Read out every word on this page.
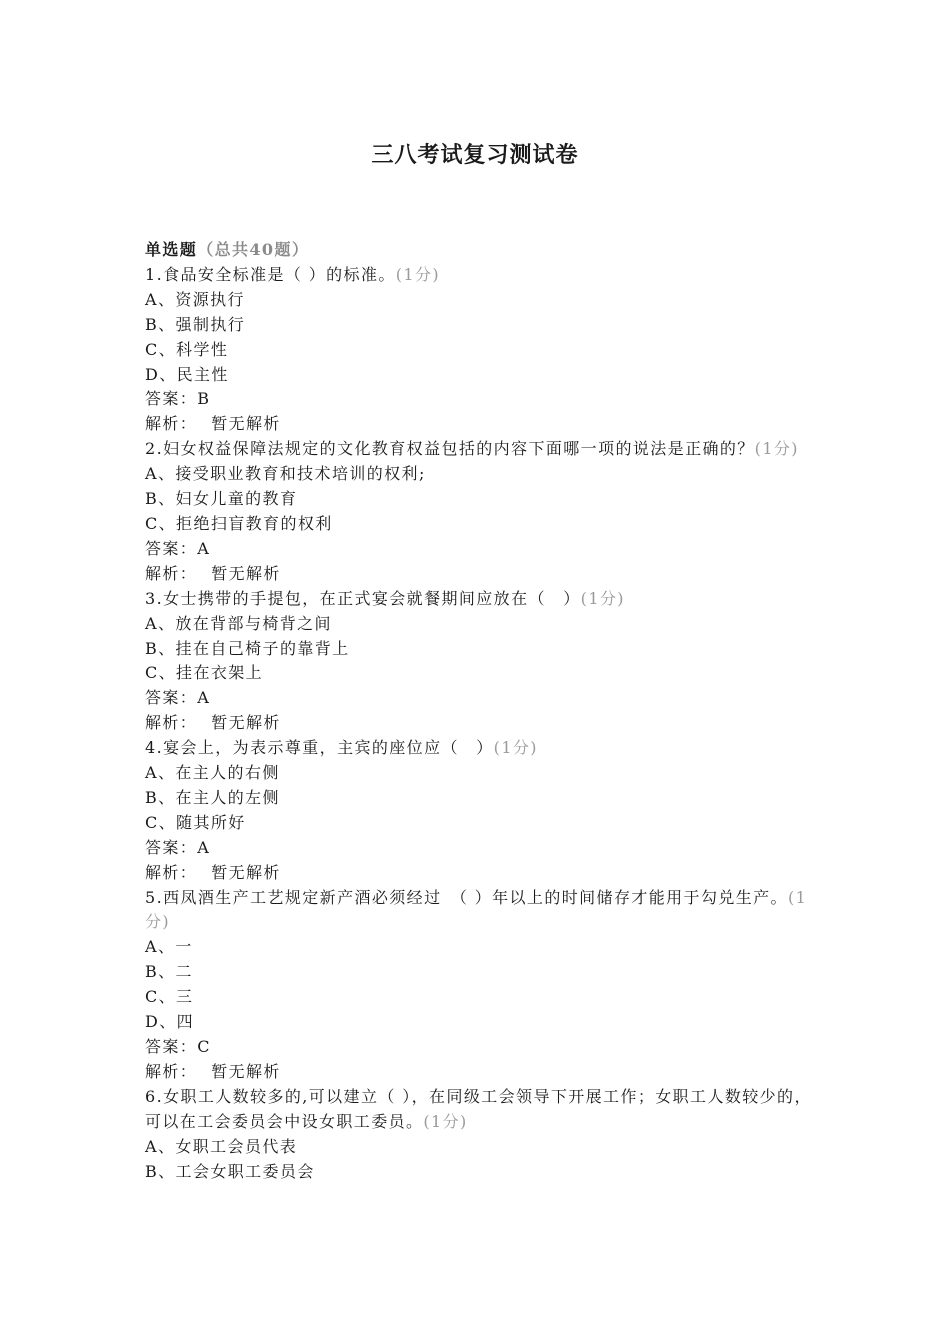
三八考试复习测试卷
单选题（总共40题）
1.食品安全标准是（ ）的标准。(1分)
A、资源执行
B、强制执行
C、科学性
D、民主性
答案：B
解析： 暂无解析
2.妇女权益保障法规定的文化教育权益包括的内容下面哪一项的说法是正确的？(1分)
A、接受职业教育和技术培训的权利;
B、妇女儿童的教育
C、拒绝扫盲教育的权利
答案：A
解析： 暂无解析
3.女士携带的手提包，在正式宴会就餐期间应放在（　）(1分)
A、放在背部与椅背之间
B、挂在自己椅子的靠背上
C、挂在衣架上
答案：A
解析： 暂无解析
4.宴会上，为表示尊重，主宾的座位应（　）(1分)
A、在主人的右侧
B、在主人的左侧
C、随其所好
答案：A
解析： 暂无解析
5.西凤酒生产工艺规定新产酒必须经过　（ ）年以上的时间储存才能用于勾兑生产。(1分)
A、一
B、二
C、三
D、四
答案：C
解析： 暂无解析
6.女职工人数较多的,可以建立（ ），在同级工会领导下开展工作；女职工人数较少的，可以在工会委员会中设女职工委员。(1分)
A、女职工会员代表
B、工会女职工委员会
